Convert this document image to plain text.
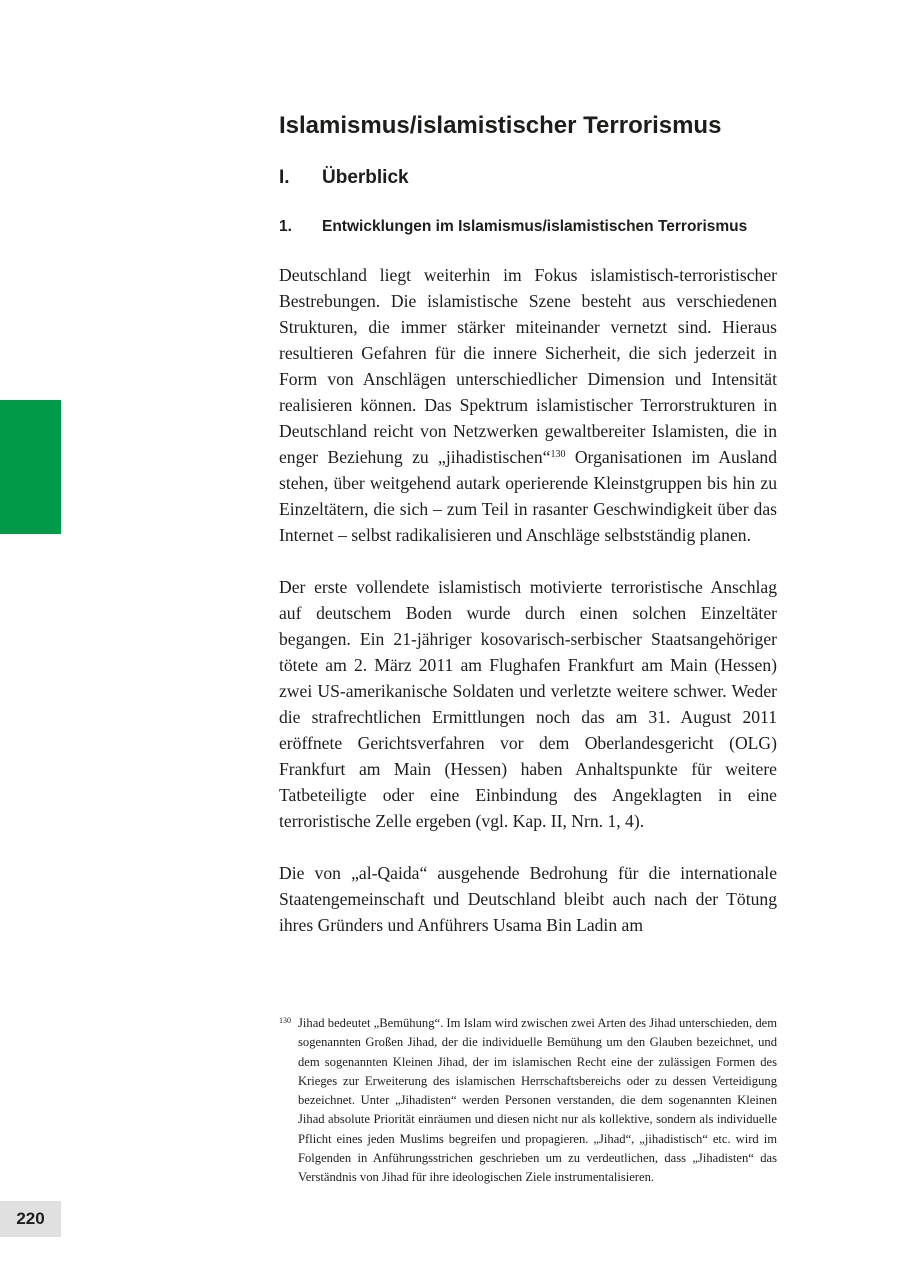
Islamismus/islamistischer Terrorismus
I.	Überblick
1.	Entwicklungen im Islamismus/islamistischen Terrorismus

Deutschland liegt weiterhin im Fokus islamistisch-terroristischer Bestrebungen. Die islamistische Szene besteht aus verschiedenen Strukturen, die immer stärker miteinander vernetzt sind. Hieraus resultieren Gefahren für die innere Sicherheit, die sich jederzeit in Form von Anschlägen unterschiedlicher Dimension und Intensität realisieren können. Das Spektrum islamistischer Terrorstrukturen in Deutschland reicht von Netzwerken gewaltbereiter Islamisten, die in enger Beziehung zu „jihadistischen“$^{130}$ Organisationen im Ausland stehen, über weitgehend autark operierende Kleinstgruppen bis hin zu Einzeltätern, die sich – zum Teil in rasanter Geschwindigkeit über das Internet – selbst radikalisieren und Anschläge selbstständig planen.

Der erste vollendete islamistisch motivierte terroristische Anschlag auf deutschem Boden wurde durch einen solchen Einzeltäter begangen. Ein 21-jähriger kosovarisch-serbischer Staatsangehöriger tötete am 2. März 2011 am Flughafen Frankfurt am Main (Hessen) zwei US-amerikanische Soldaten und verletzte weitere schwer. Weder die strafrechtlichen Ermittlungen noch das am 31. August 2011 eröffnete Gerichtsverfahren vor dem Oberlandesgericht (OLG) Frankfurt am Main (Hessen) haben Anhaltspunkte für weitere Tatbeteiligte oder eine Einbindung des Angeklagten in eine terroristische Zelle ergeben (vgl. Kap. II, Nrn. 1, 4).

Die von „al-Qaida“ ausgehende Bedrohung für die internationale Staatengemeinschaft und Deutschland bleibt auch nach der Tötung ihres Gründers und Anführers Usama Bin Ladin am

130 Jihad bedeutet „Bemühung“. Im Islam wird zwischen zwei Arten des Jihad unterschieden, dem sogenannten Großen Jihad, der die individuelle Bemühung um den Glauben bezeichnet, und dem sogenannten Kleinen Jihad, der im islamischen Recht eine der zulässigen Formen des Krieges zur Erweiterung des islamischen Herrschaftsbereichs oder zu dessen Verteidigung bezeichnet. Unter „Jihadisten“ werden Personen verstanden, die dem sogenannten Kleinen Jihad absolute Priorität einräumen und diesen nicht nur als kollektive, sondern als individuelle Pflicht eines jeden Muslims begreifen und propagieren. „Jihad“, „jihadistisch“ etc. wird im Folgenden in Anführungsstrichen geschrieben um zu verdeutlichen, dass „Jihadisten“ das Verständnis von Jihad für ihre ideologischen Ziele instrumentalisieren.
220
